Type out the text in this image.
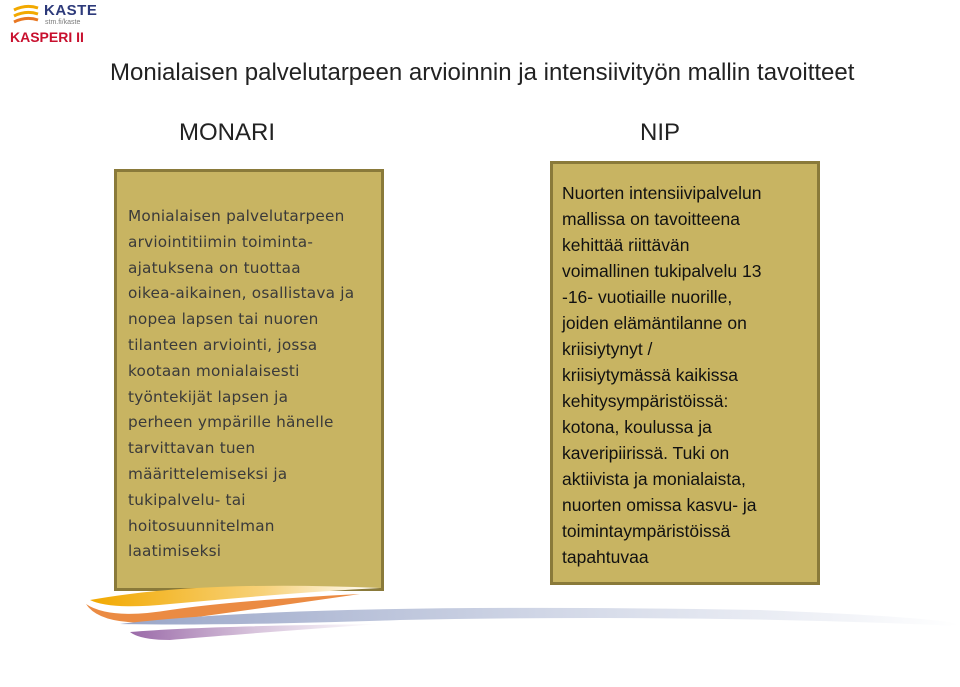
KASTE
stm.fi/kaste
KASPERI II
Monialaisen palvelutarpeen arvioinnin ja intensiivityön mallin tavoitteet
MONARI	NIP

Monialaisen palvelutarpeen
arviointitiimin toiminta-
ajatuksena on tuottaa
oikea-aikainen, osallistava ja
nopea lapsen tai nuoren
tilanteen arviointi, jossa
kootaan monialaisesti
työntekijät lapsen ja
perheen ympärille hänelle
tarvittavan tuen
määrittelemiseksi ja
tukipalvelu- tai
hoitosuunnitelman
laatimiseksi

Nuorten intensiivipalvelun
mallissa on tavoitteena
kehittää riittävän
voimallinen tukipalvelu 13
-16- vuotiaille nuorille,
joiden elämäntilanne on
kriisiytynyt /
kriisiytymässä kaikissa
kehitysympäristöissä:
kotona, koulussa ja
kaveripiirissä. Tuki on
aktiivista ja monialaista,
nuorten omissa kasvu- ja
toimintaympäristöissä
tapahtuvaa
